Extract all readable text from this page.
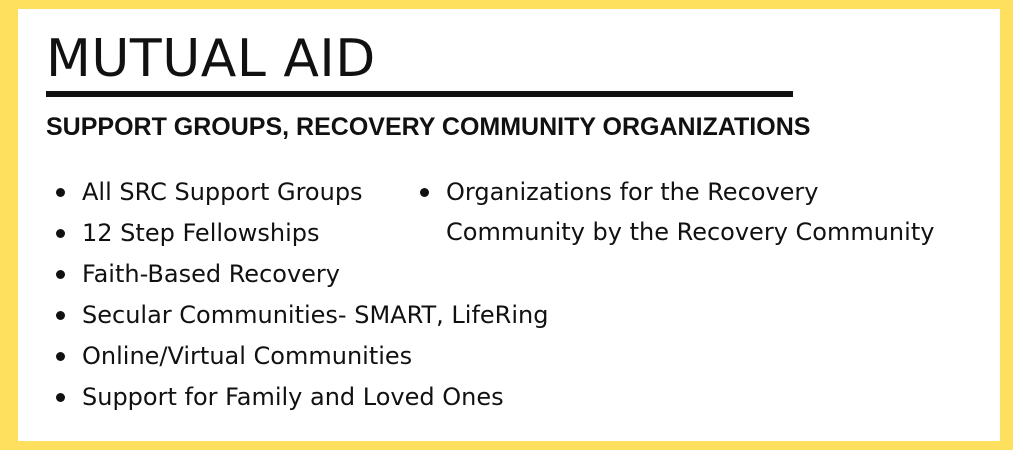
MUTUAL AID
SUPPORT GROUPS, RECOVERY COMMUNITY ORGANIZATIONS
All SRC Support Groups
12 Step Fellowships
Faith-Based Recovery
Secular Communities- SMART, LifeRing
Online/Virtual Communities
Support for Family and Loved Ones
Organizations for the Recovery
Community by the Recovery Community
